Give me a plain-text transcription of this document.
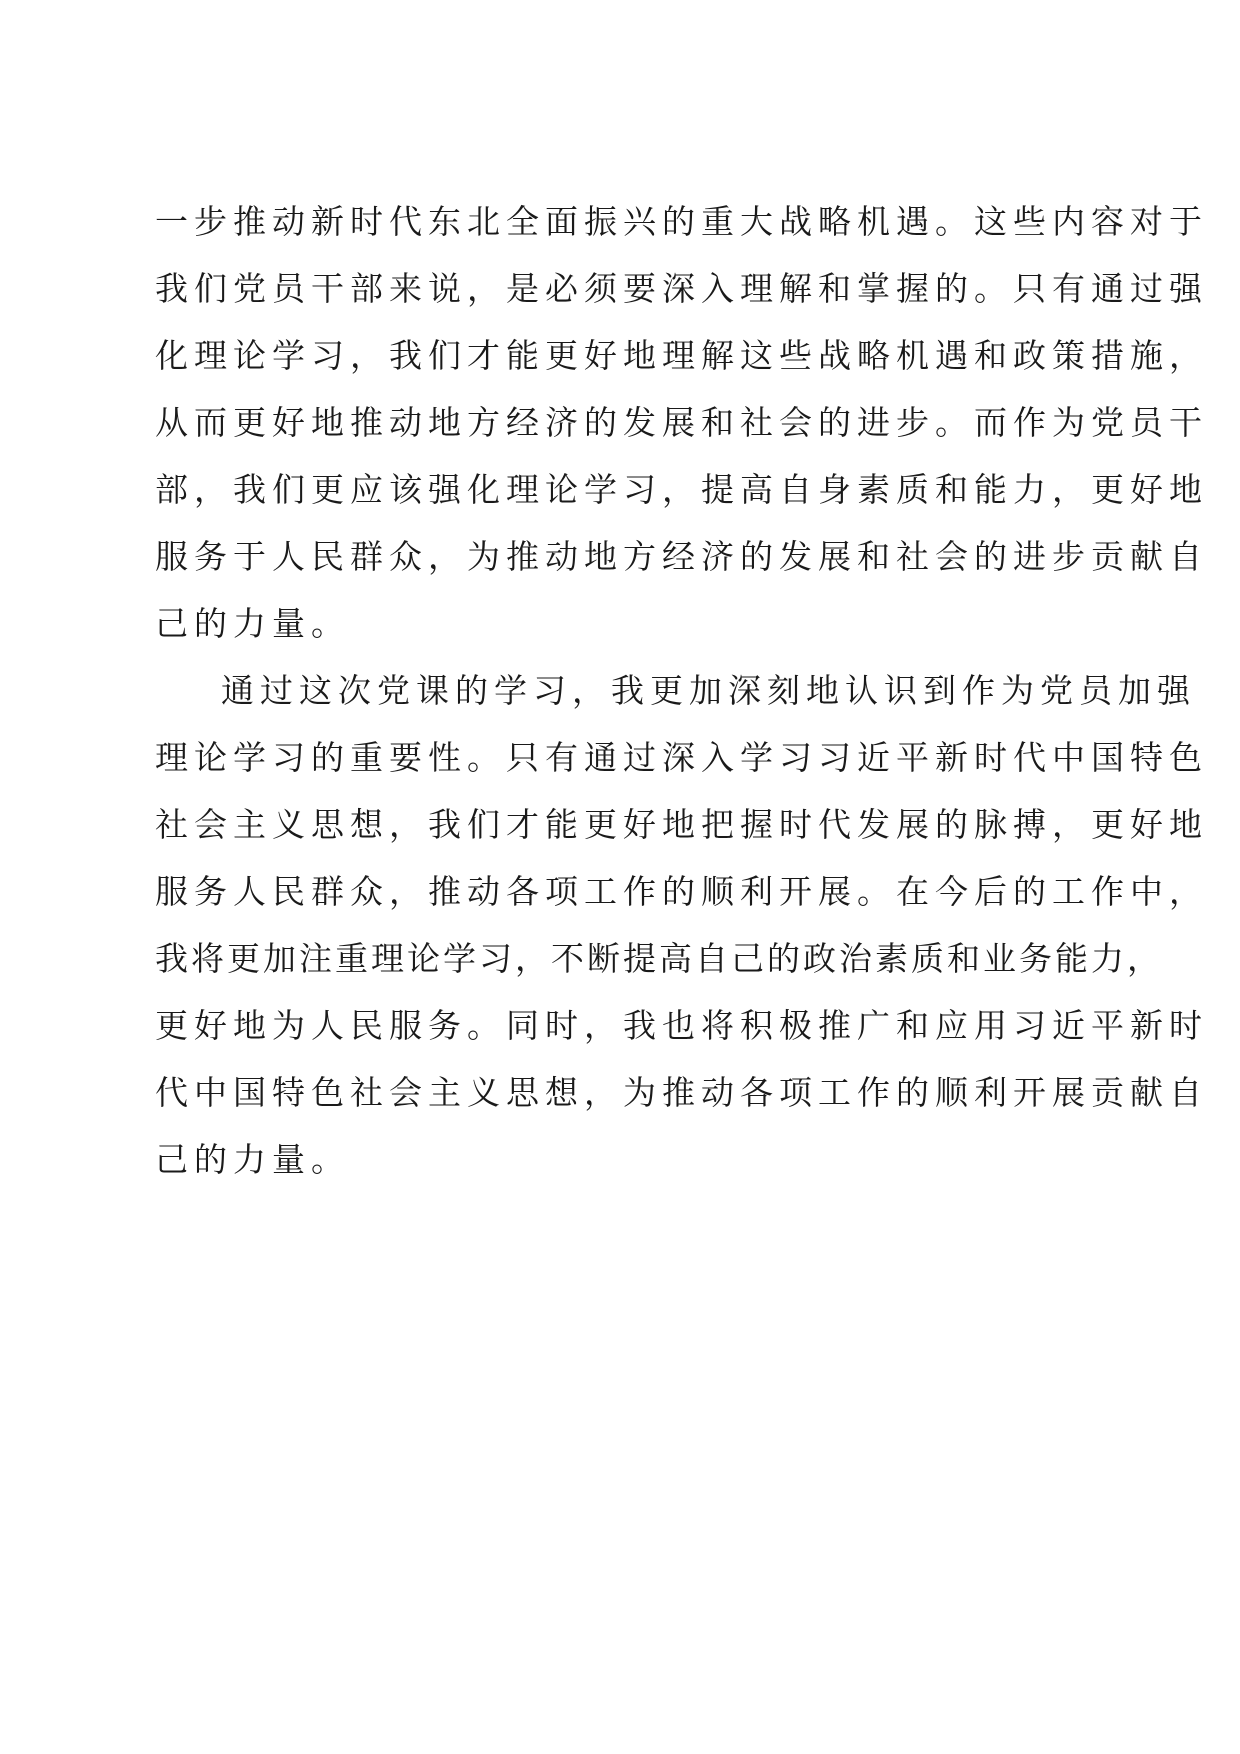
一步推动新时代东北全面振兴的重大战略机遇。这些内容对于
我们党员干部来说，是必须要深入理解和掌握的。只有通过强
化理论学习，我们才能更好地理解这些战略机遇和政策措施，
从而更好地推动地方经济的发展和社会的进步。而作为党员干
部，我们更应该强化理论学习，提高自身素质和能力，更好地
服务于人民群众，为推动地方经济的发展和社会的进步贡献自
己的力量。
通过这次党课的学习，我更加深刻地认识到作为党员加强
理论学习的重要性。只有通过深入学习习近平新时代中国特色
社会主义思想，我们才能更好地把握时代发展的脉搏，更好地
服务人民群众，推动各项工作的顺利开展。在今后的工作中，
我将更加注重理论学习，不断提高自己的政治素质和业务能力，
更好地为人民服务。同时，我也将积极推广和应用习近平新时
代中国特色社会主义思想，为推动各项工作的顺利开展贡献自
己的力量。
